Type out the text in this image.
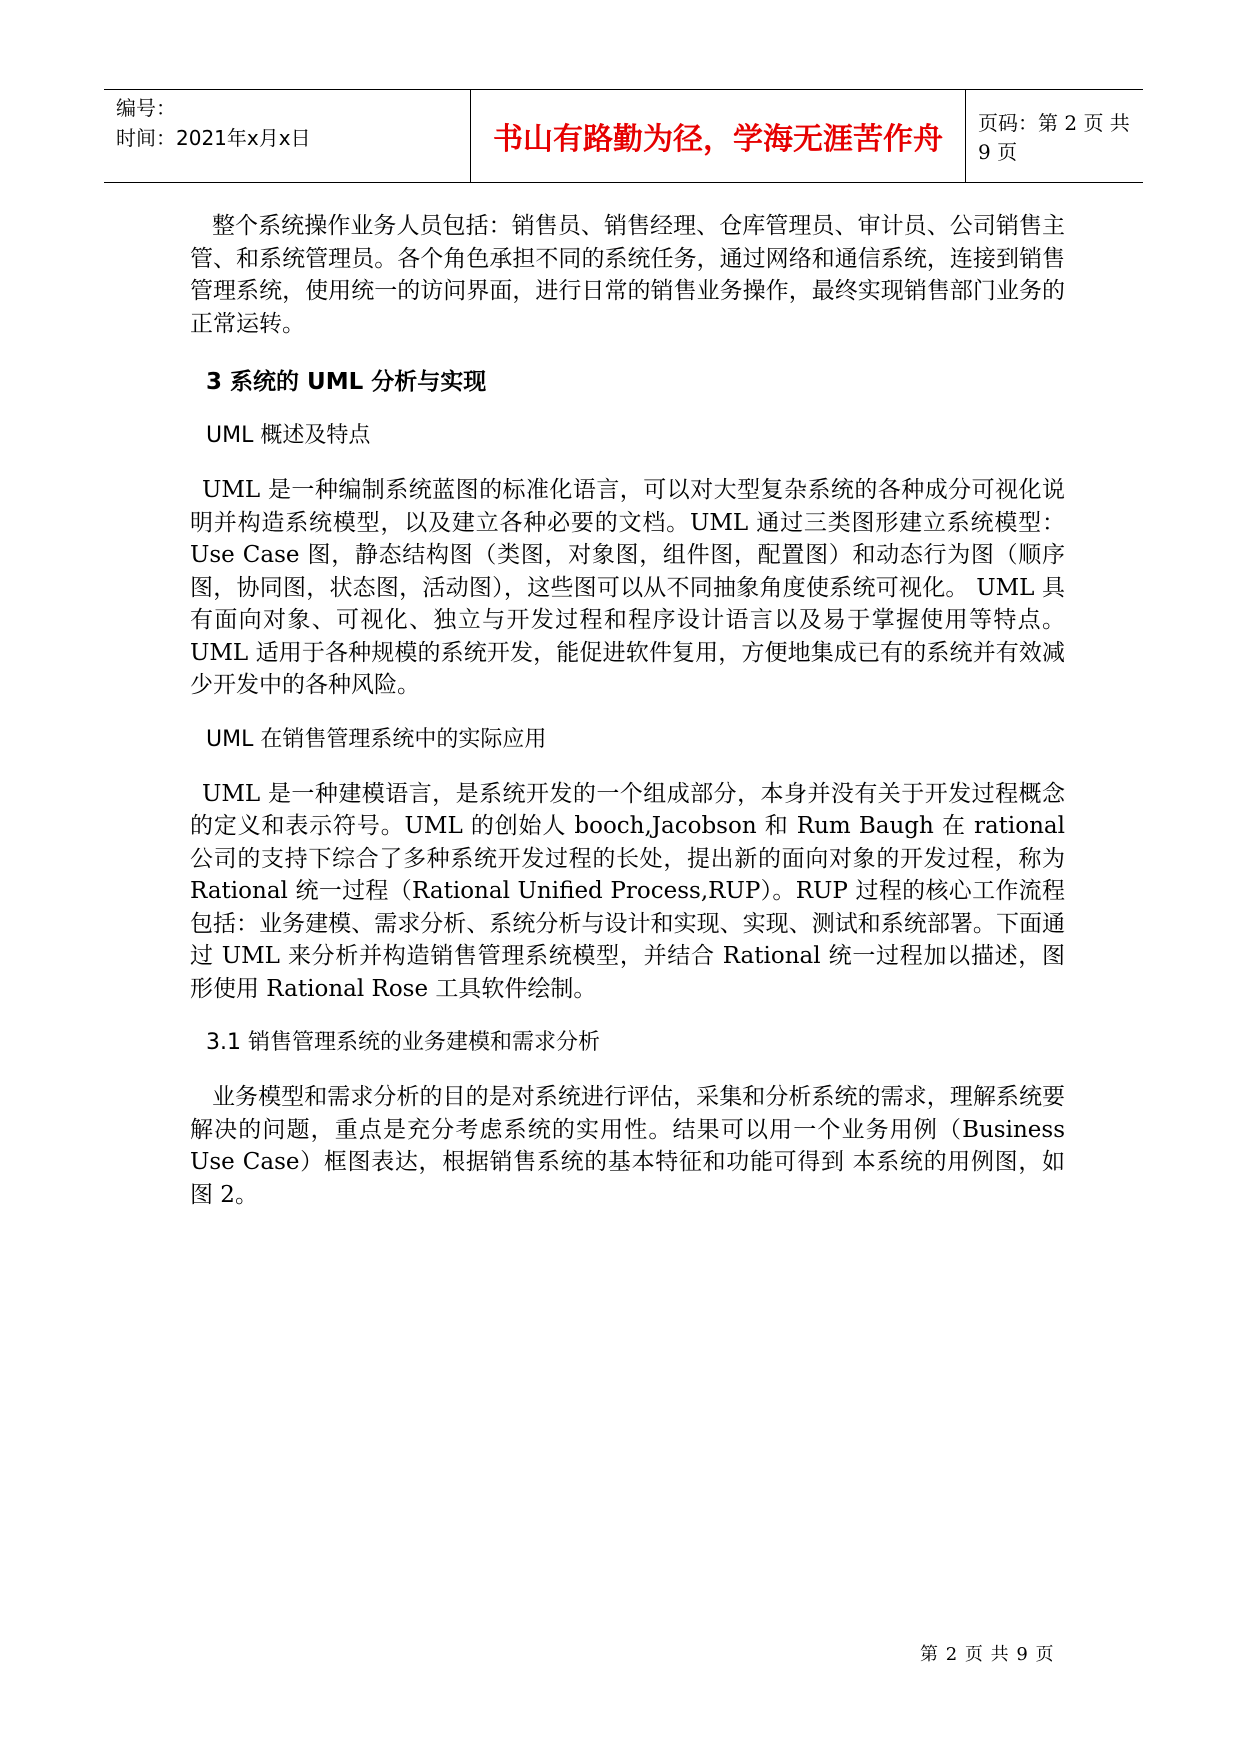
编号：
时间：2021年x月x日	书山有路勤为径，学海无涯苦作舟	页码：第 2 页 共 9 页

整个系统操作业务人员包括：销售员、销售经理、仓库管理员、审计员、公司销售主管、和系统管理员。各个角色承担不同的系统任务，通过网络和通信系统，连接到销售管理系统，使用统一的访问界面，进行日常的销售业务操作，最终实现销售部门业务的正常运转。

3 系统的 UML 分析与实现
UML 概述及特点

UML 是一种编制系统蓝图的标准化语言，可以对大型复杂系统的各种成分可视化说明并构造系统模型，以及建立各种必要的文档。UML 通过三类图形建立系统模型： Use Case 图，静态结构图（类图，对象图，组件图，配置图）和动态行为图（顺序图，协同图，状态图，活动图），这些图可以从不同抽象角度使系统可视化。 UML 具有面向对象、可视化、独立与开发过程和程序设计语言以及易于掌握使用等特点。UML 适用于各种规模的系统开发，能促进软件复用，方便地集成已有的系统并有效减少开发中的各种风险。

UML 在销售管理系统中的实际应用

UML 是一种建模语言，是系统开发的一个组成部分，本身并没有关于开发过程概念的定义和表示符号。UML 的创始人 booch,Jacobson 和 Rum Baugh 在 rational 公司的支持下综合了多种系统开发过程的长处，提出新的面向对象的开发过程，称为 Rational 统一过程（Rational Unified Process,RUP）。RUP 过程的核心工作流程包括：业务建模、需求分析、系统分析与设计和实现、实现、测试和系统部署。下面通过 UML 来分析并构造销售管理系统模型，并结合 Rational 统一过程加以描述，图形使用 Rational Rose 工具软件绘制。

3.1 销售管理系统的业务建模和需求分析

业务模型和需求分析的目的是对系统进行评估，采集和分析系统的需求，理解系统要解决的问题，重点是充分考虑系统的实用性。结果可以用一个业务用例（Business Use Case）框图表达，根据销售系统的基本特征和功能可得到 本系统的用例图，如图 2。

第 2 页 共 9 页
